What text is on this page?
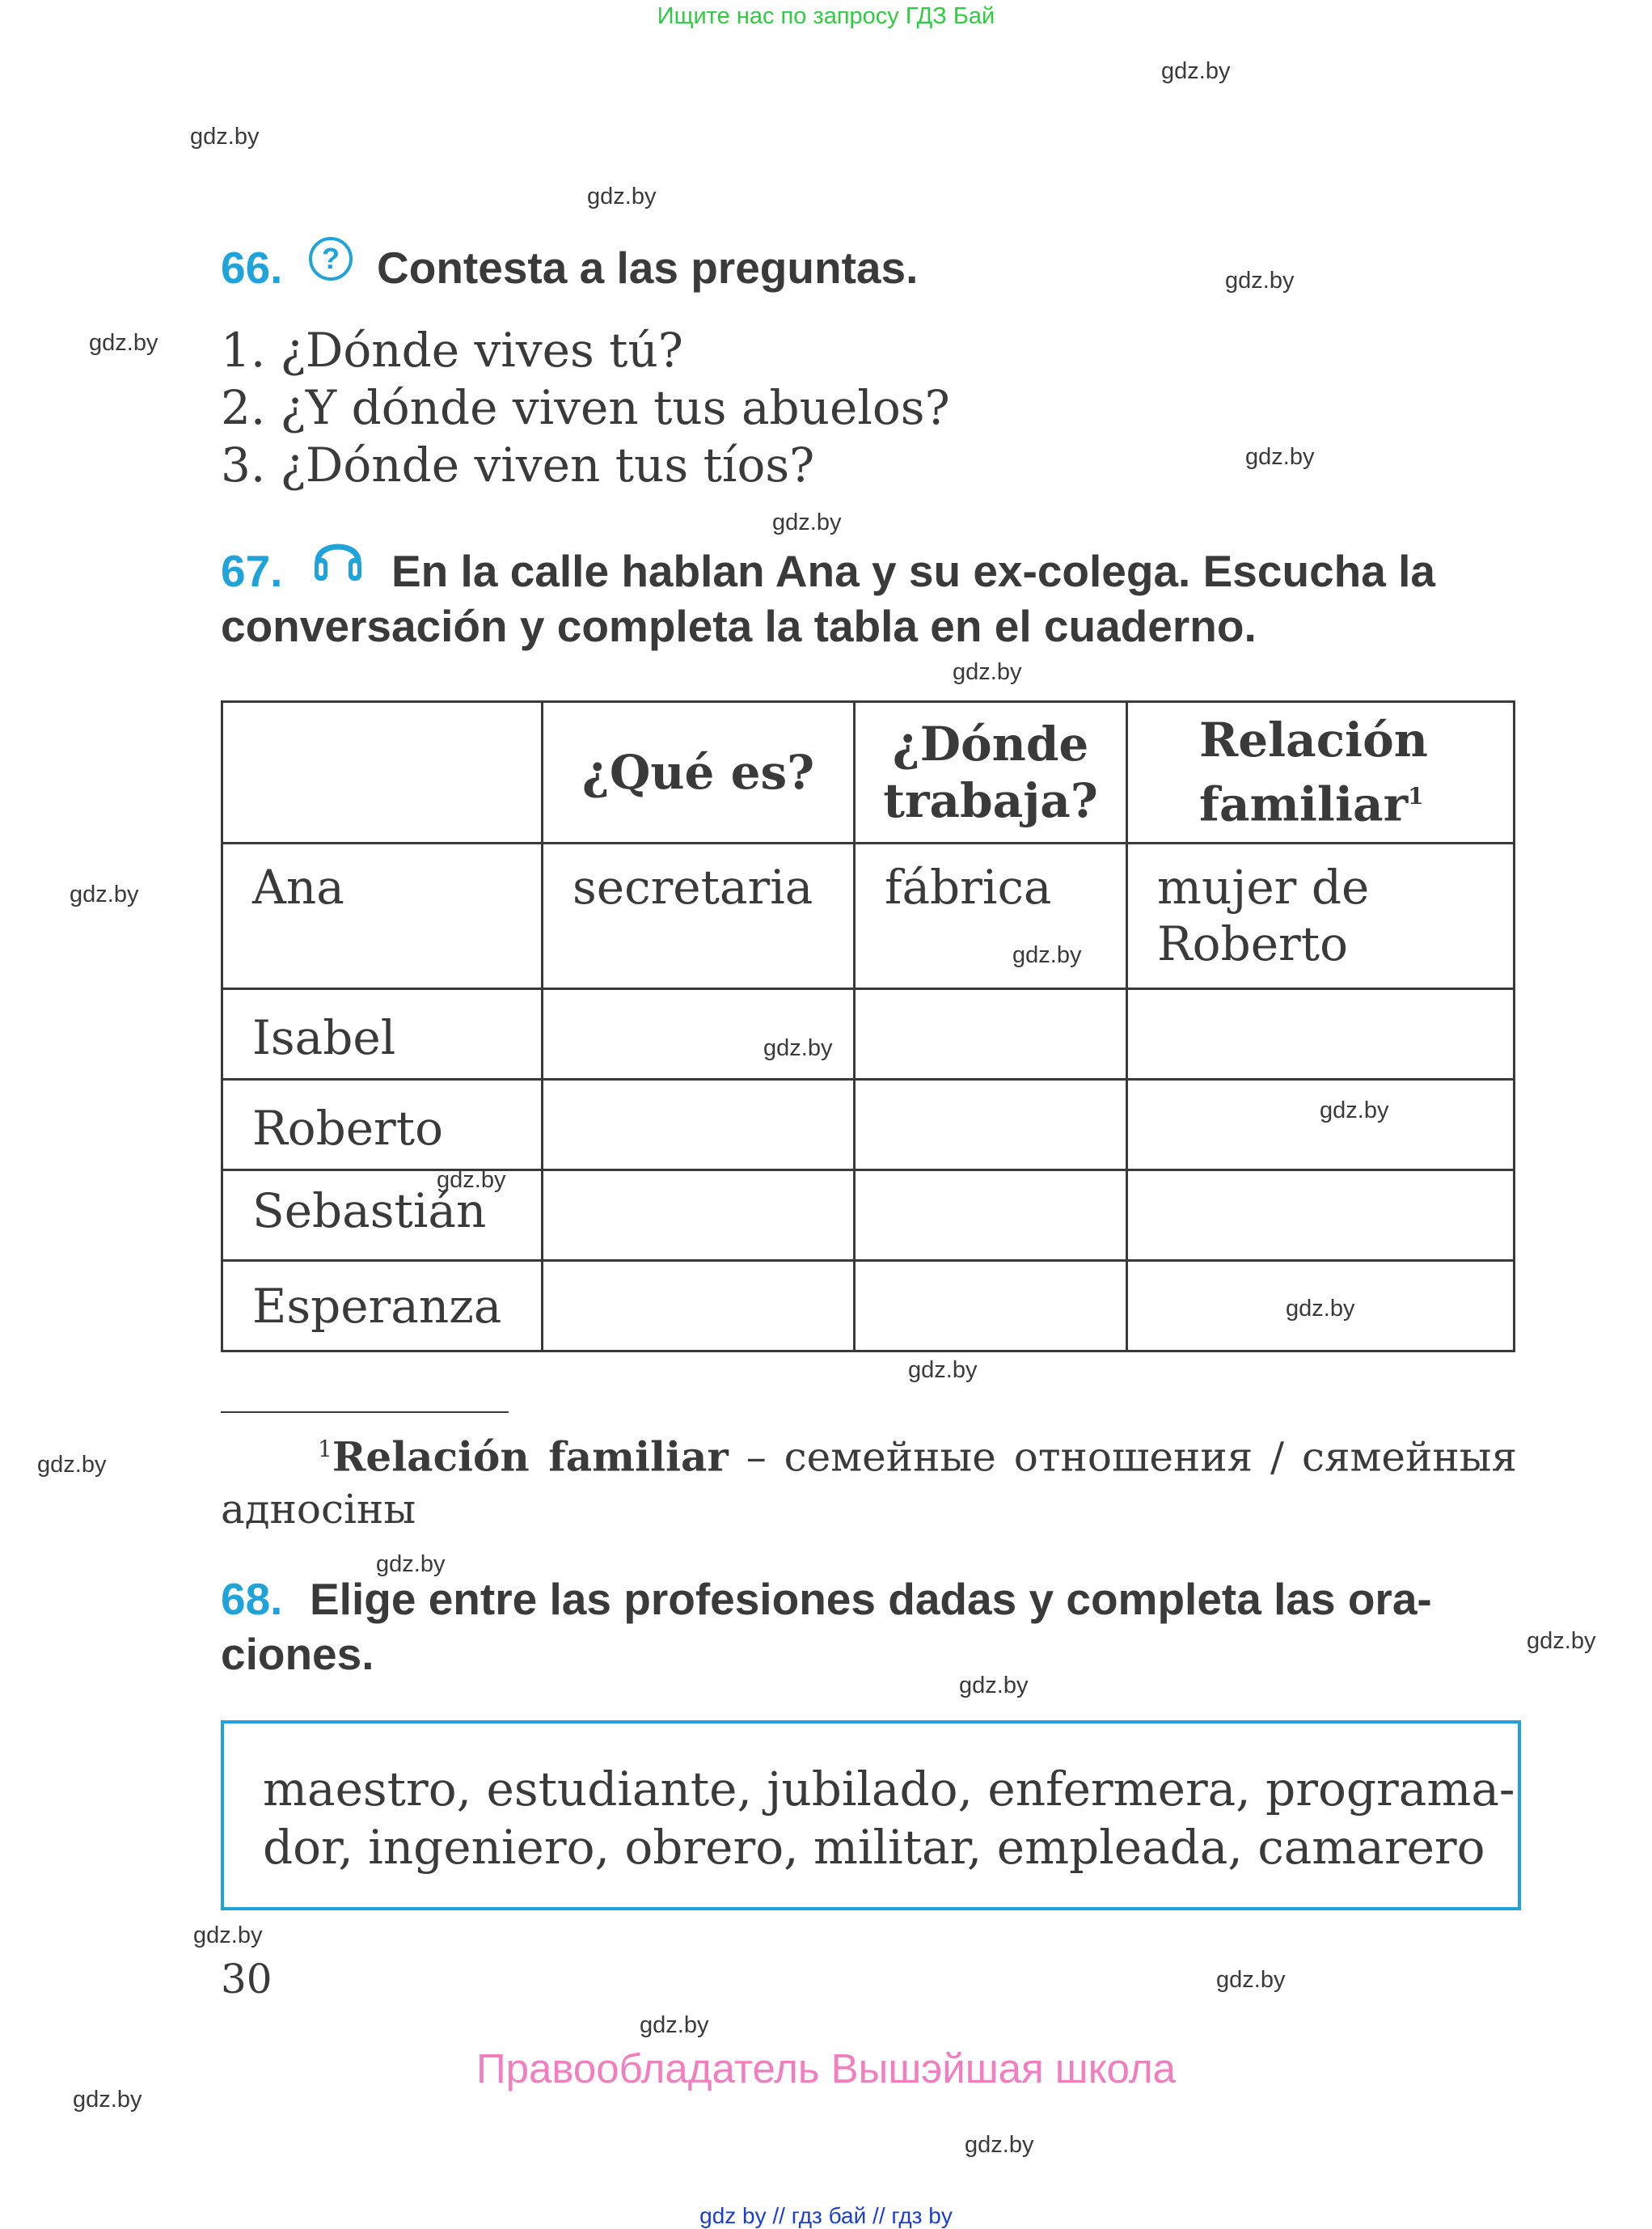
Ищите нас по запросу ГДЗ Бай
gdz.by
gdz.by
gdz.by
gdz.by
gdz.by
gdz.by
gdz.by
gdz.by
gdz.by
gdz.by
gdz.by
gdz.by
gdz.by
gdz.by
gdz.by
gdz.by
gdz.by
gdz.by
gdz.by
gdz.by
gdz.by
gdz.by
gdz.by
gdz.by
66. ? Contesta a las preguntas.
1. ¿Dónde vives tú?
2. ¿Y dónde viven tus abuelos?
3. ¿Dónde viven tus tíos?
67. En la calle hablan Ana y su ex-colega. Escucha la
conversación y completa la tabla en el cuaderno.
	¿Qué es?	¿Dónde trabaja?	Relación familiar$^1$

Ana	secretaria	fábrica	mujer de Roberto

Isabel			

Roberto			

Sebastián			

Esperanza			

$^1$Relación familiar – семейные отношения / сямейныя адносіны
68. Elige entre las profesiones dadas y completa las ora-
ciones.
maestro, estudiante, jubilado, enfermera, programa-
dor, ingeniero, obrero, militar, empleada, camarero
30
Правообладатель Вышэйшая школа
gdz by // гдз бай // гдз by
